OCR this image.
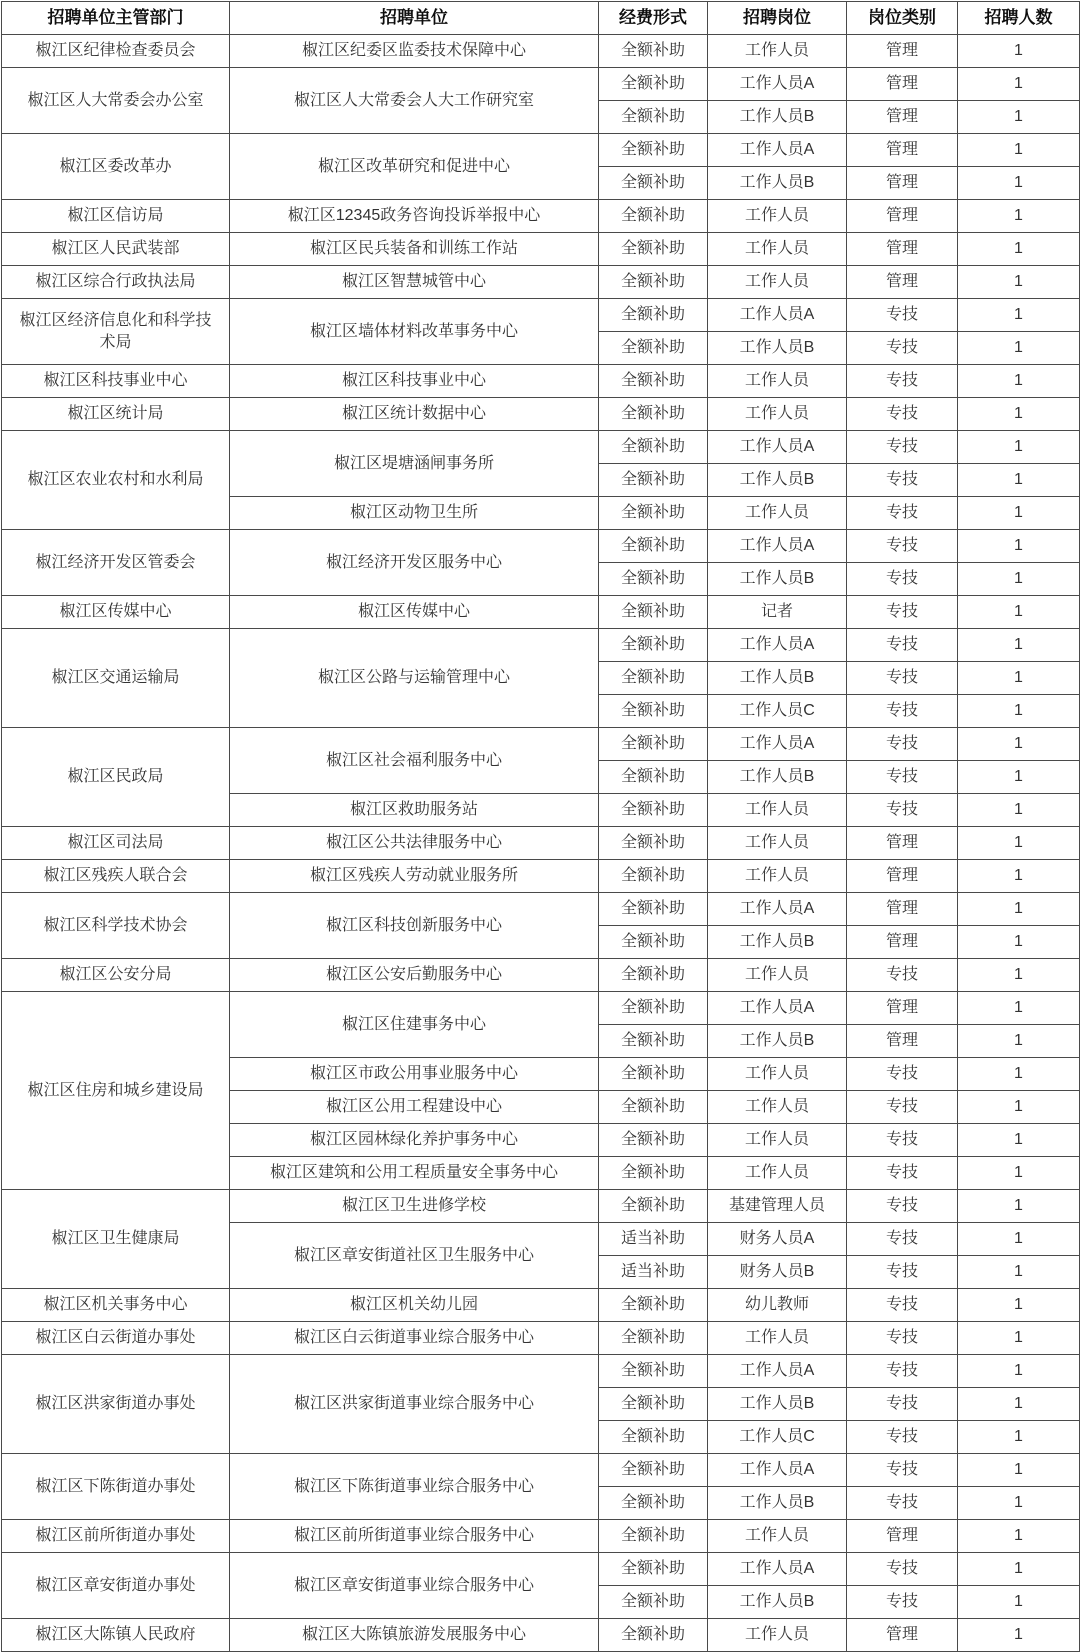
招聘单位主管部门	招聘单位	经费形式	招聘岗位	岗位类别	招聘人数
椒江区纪律检查委员会	椒江区纪委区监委技术保障中心	全额补助	工作人员	管理	1
椒江区人大常委会办公室	椒江区人大常委会人大工作研究室	全额补助	工作人员A	管理	1
		全额补助	工作人员B	管理	1
椒江区委改革办	椒江区改革研究和促进中心	全额补助	工作人员A	管理	1
		全额补助	工作人员B	管理	1
椒江区信访局	椒江区12345政务咨询投诉举报中心	全额补助	工作人员	管理	1
椒江区人民武装部	椒江区民兵装备和训练工作站	全额补助	工作人员	管理	1
椒江区综合行政执法局	椒江区智慧城管中心	全额补助	工作人员	管理	1
椒江区经济信息化和科学技术局	椒江区墙体材料改革事务中心	全额补助	工作人员A	专技	1
		全额补助	工作人员B	专技	1
椒江区科技事业中心	椒江区科技事业中心	全额补助	工作人员	专技	1
椒江区统计局	椒江区统计数据中心	全额补助	工作人员	专技	1
椒江区农业农村和水利局	椒江区堤塘涵闸事务所	全额补助	工作人员A	专技	1
		全额补助	工作人员B	专技	1
	椒江区动物卫生所	全额补助	工作人员	专技	1
椒江经济开发区管委会	椒江经济开发区服务中心	全额补助	工作人员A	专技	1
		全额补助	工作人员B	专技	1
椒江区传媒中心	椒江区传媒中心	全额补助	记者	专技	1
椒江区交通运输局	椒江区公路与运输管理中心	全额补助	工作人员A	专技	1
		全额补助	工作人员B	专技	1
		全额补助	工作人员C	专技	1
椒江区民政局	椒江区社会福利服务中心	全额补助	工作人员A	专技	1
		全额补助	工作人员B	专技	1
	椒江区救助服务站	全额补助	工作人员	专技	1
椒江区司法局	椒江区公共法律服务中心	全额补助	工作人员	管理	1
椒江区残疾人联合会	椒江区残疾人劳动就业服务所	全额补助	工作人员	管理	1
椒江区科学技术协会	椒江区科技创新服务中心	全额补助	工作人员A	管理	1
		全额补助	工作人员B	管理	1
椒江区公安分局	椒江区公安后勤服务中心	全额补助	工作人员	专技	1
椒江区住房和城乡建设局	椒江区住建事务中心	全额补助	工作人员A	管理	1
		全额补助	工作人员B	管理	1
	椒江区市政公用事业服务中心	全额补助	工作人员	专技	1
	椒江区公用工程建设中心	全额补助	工作人员	专技	1
	椒江区园林绿化养护事务中心	全额补助	工作人员	专技	1
	椒江区建筑和公用工程质量安全事务中心	全额补助	工作人员	专技	1
椒江区卫生健康局	椒江区卫生进修学校	全额补助	基建管理人员	专技	1
	椒江区章安街道社区卫生服务中心	适当补助	财务人员A	专技	1
		适当补助	财务人员B	专技	1
椒江区机关事务中心	椒江区机关幼儿园	全额补助	幼儿教师	专技	1
椒江区白云街道办事处	椒江区白云街道事业综合服务中心	全额补助	工作人员	专技	1
椒江区洪家街道办事处	椒江区洪家街道事业综合服务中心	全额补助	工作人员A	专技	1
		全额补助	工作人员B	专技	1
		全额补助	工作人员C	专技	1
椒江区下陈街道办事处	椒江区下陈街道事业综合服务中心	全额补助	工作人员A	专技	1
		全额补助	工作人员B	专技	1
椒江区前所街道办事处	椒江区前所街道事业综合服务中心	全额补助	工作人员	管理	1
椒江区章安街道办事处	椒江区章安街道事业综合服务中心	全额补助	工作人员A	专技	1
		全额补助	工作人员B	专技	1
椒江区大陈镇人民政府	椒江区大陈镇旅游发展服务中心	全额补助	工作人员	管理	1
